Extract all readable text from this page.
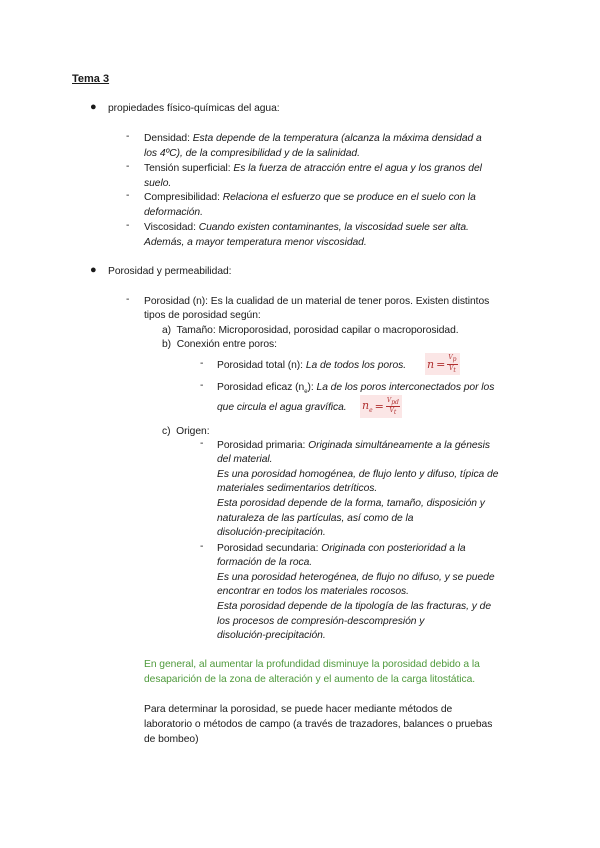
Tema 3
● propiedades físico-químicas del agua:
- Densidad: Esta depende de la temperatura (alcanza la máxima densidad a
los 4ºC), de la compresibilidad y de la salinidad.
- Tensión superficial: Es la fuerza de atracción entre el agua y los granos del
suelo.
- Compresibilidad: Relaciona el esfuerzo que se produce en el suelo con la
deformación.
- Viscosidad: Cuando existen contaminantes, la viscosidad suele ser alta.
Además, a mayor temperatura menor viscosidad.
● Porosidad y permeabilidad:
- Porosidad (n): Es la cualidad de un material de tener poros. Existen distintos
tipos de porosidad según:
a) Tamaño: Microporosidad, porosidad capilar o macroporosidad.
b) Conexión entre poros:
- Porosidad total (n): La de todos los poros. $n = \frac{V_p}{V_t}$
- Porosidad eficaz $(n_e)$: La de los poros interconectados por los
que circula el agua gravífica. $n_e = \frac{V_{pd}}{V_t}$
c) Origen:
- Porosidad primaria: Originada simultáneamente a la génesis
del material.
Es una porosidad homogénea, de flujo lento y difuso, típica de
materiales sedimentarios detríticos.
Esta porosidad depende de la forma, tamaño, disposición y
naturaleza de las partículas, así como de la
disolución-precipitación.
- Porosidad secundaria: Originada con posterioridad a la
formación de la roca.
Es una porosidad heterogénea, de flujo no difuso, y se puede
encontrar en todos los materiales rocosos.
Esta porosidad depende de la tipología de las fracturas, y de
los procesos de compresión-descompresión y
disolución-precipitación.
En general, al aumentar la profundidad disminuye la porosidad debido a la
desaparición de la zona de alteración y el aumento de la carga litostática.
Para determinar la porosidad, se puede hacer mediante métodos de
laboratorio o métodos de campo (a través de trazadores, balances o pruebas
de bombeo)
